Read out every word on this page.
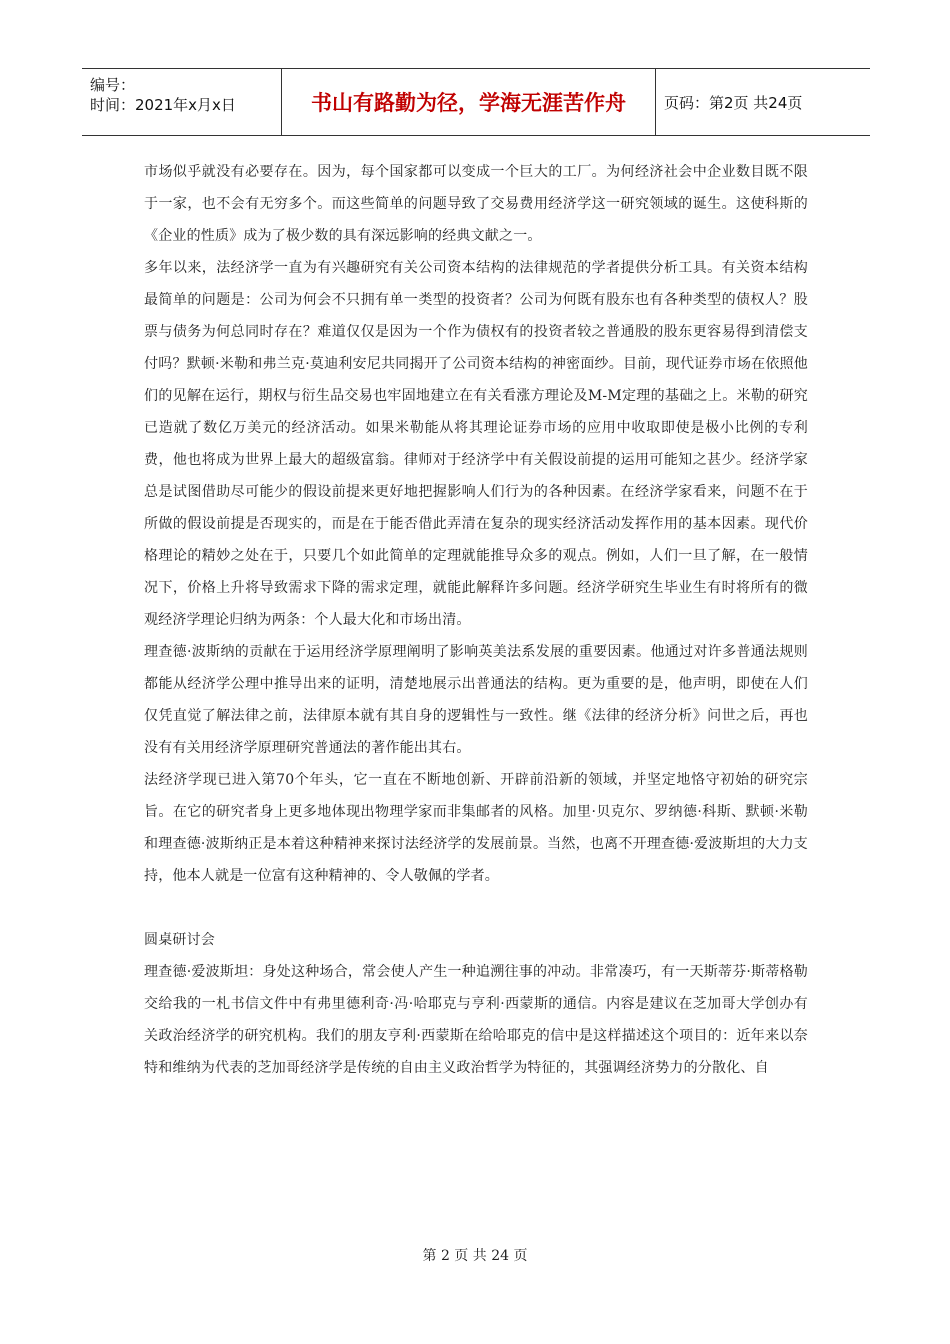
编号：
时间：2021年x月x日	书山有路勤为径，学海无涯苦作舟	页码：第2页 共24页

市场似乎就没有必要存在。因为，每个国家都可以变成一个巨大的工厂。为何经济社会中企业数目既不限于一家，也不会有无穷多个。而这些简单的问题导致了交易费用经济学这一研究领域的诞生。这使科斯的《企业的性质》成为了极少数的具有深远影响的经典文献之一。

多年以来，法经济学一直为有兴趣研究有关公司资本结构的法律规范的学者提供分析工具。有关资本结构最简单的问题是：公司为何会不只拥有单一类型的投资者？公司为何既有股东也有各种类型的债权人？股票与债务为何总同时存在？难道仅仅是因为一个作为债权有的投资者较之普通股的股东更容易得到清偿支付吗？默顿·米勒和弗兰克·莫迪利安尼共同揭开了公司资本结构的神密面纱。目前，现代证券市场在依照他们的见解在运行，期权与衍生品交易也牢固地建立在有关看涨方理论及M-M定理的基础之上。米勒的研究已造就了数亿万美元的经济活动。如果米勒能从将其理论证券市场的应用中收取即使是极小比例的专利费，他也将成为世界上最大的超级富翁。律师对于经济学中有关假设前提的运用可能知之甚少。经济学家总是试图借助尽可能少的假设前提来更好地把握影响人们行为的各种因素。在经济学家看来，问题不在于所做的假设前提是否现实的，而是在于能否借此弄清在复杂的现实经济活动发挥作用的基本因素。现代价格理论的精妙之处在于，只要几个如此简单的定理就能推导众多的观点。例如，人们一旦了解，在一般情况下，价格上升将导致需求下降的需求定理，就能此解释许多问题。经济学研究生毕业生有时将所有的微观经济学理论归纳为两条：个人最大化和市场出清。

理查德·波斯纳的贡献在于运用经济学原理阐明了影响英美法系发展的重要因素。他通过对许多普通法规则都能从经济学公理中推导出来的证明，清楚地展示出普通法的结构。更为重要的是，他声明，即使在人们仅凭直觉了解法律之前，法律原本就有其自身的逻辑性与一致性。继《法律的经济分析》问世之后，再也没有有关用经济学原理研究普通法的著作能出其右。

法经济学现已进入第70个年头，它一直在不断地创新、开辟前沿新的领域，并坚定地恪守初始的研究宗旨。在它的研究者身上更多地体现出物理学家而非集邮者的风格。加里·贝克尔、罗纳德·科斯、默顿·米勒和理查德·波斯纳正是本着这种精神来探讨法经济学的发展前景。当然，也离不开理查德·爱波斯坦的大力支持，他本人就是一位富有这种精神的、令人敬佩的学者。

圆桌研讨会

理查德·爱波斯坦：身处这种场合，常会使人产生一种追溯往事的冲动。非常凑巧，有一天斯蒂芬·斯蒂格勒交给我的一札书信文件中有弗里德利奇·冯·哈耶克与亨利·西蒙斯的通信。内容是建议在芝加哥大学创办有关政治经济学的研究机构。我们的朋友亨利·西蒙斯在给哈耶克的信中是这样描述这个项目的：近年来以奈特和维纳为代表的芝加哥经济学是传统的自由主义政治哲学为特征的，其强调经济势力的分散化、自

第 2 页 共 24 页
